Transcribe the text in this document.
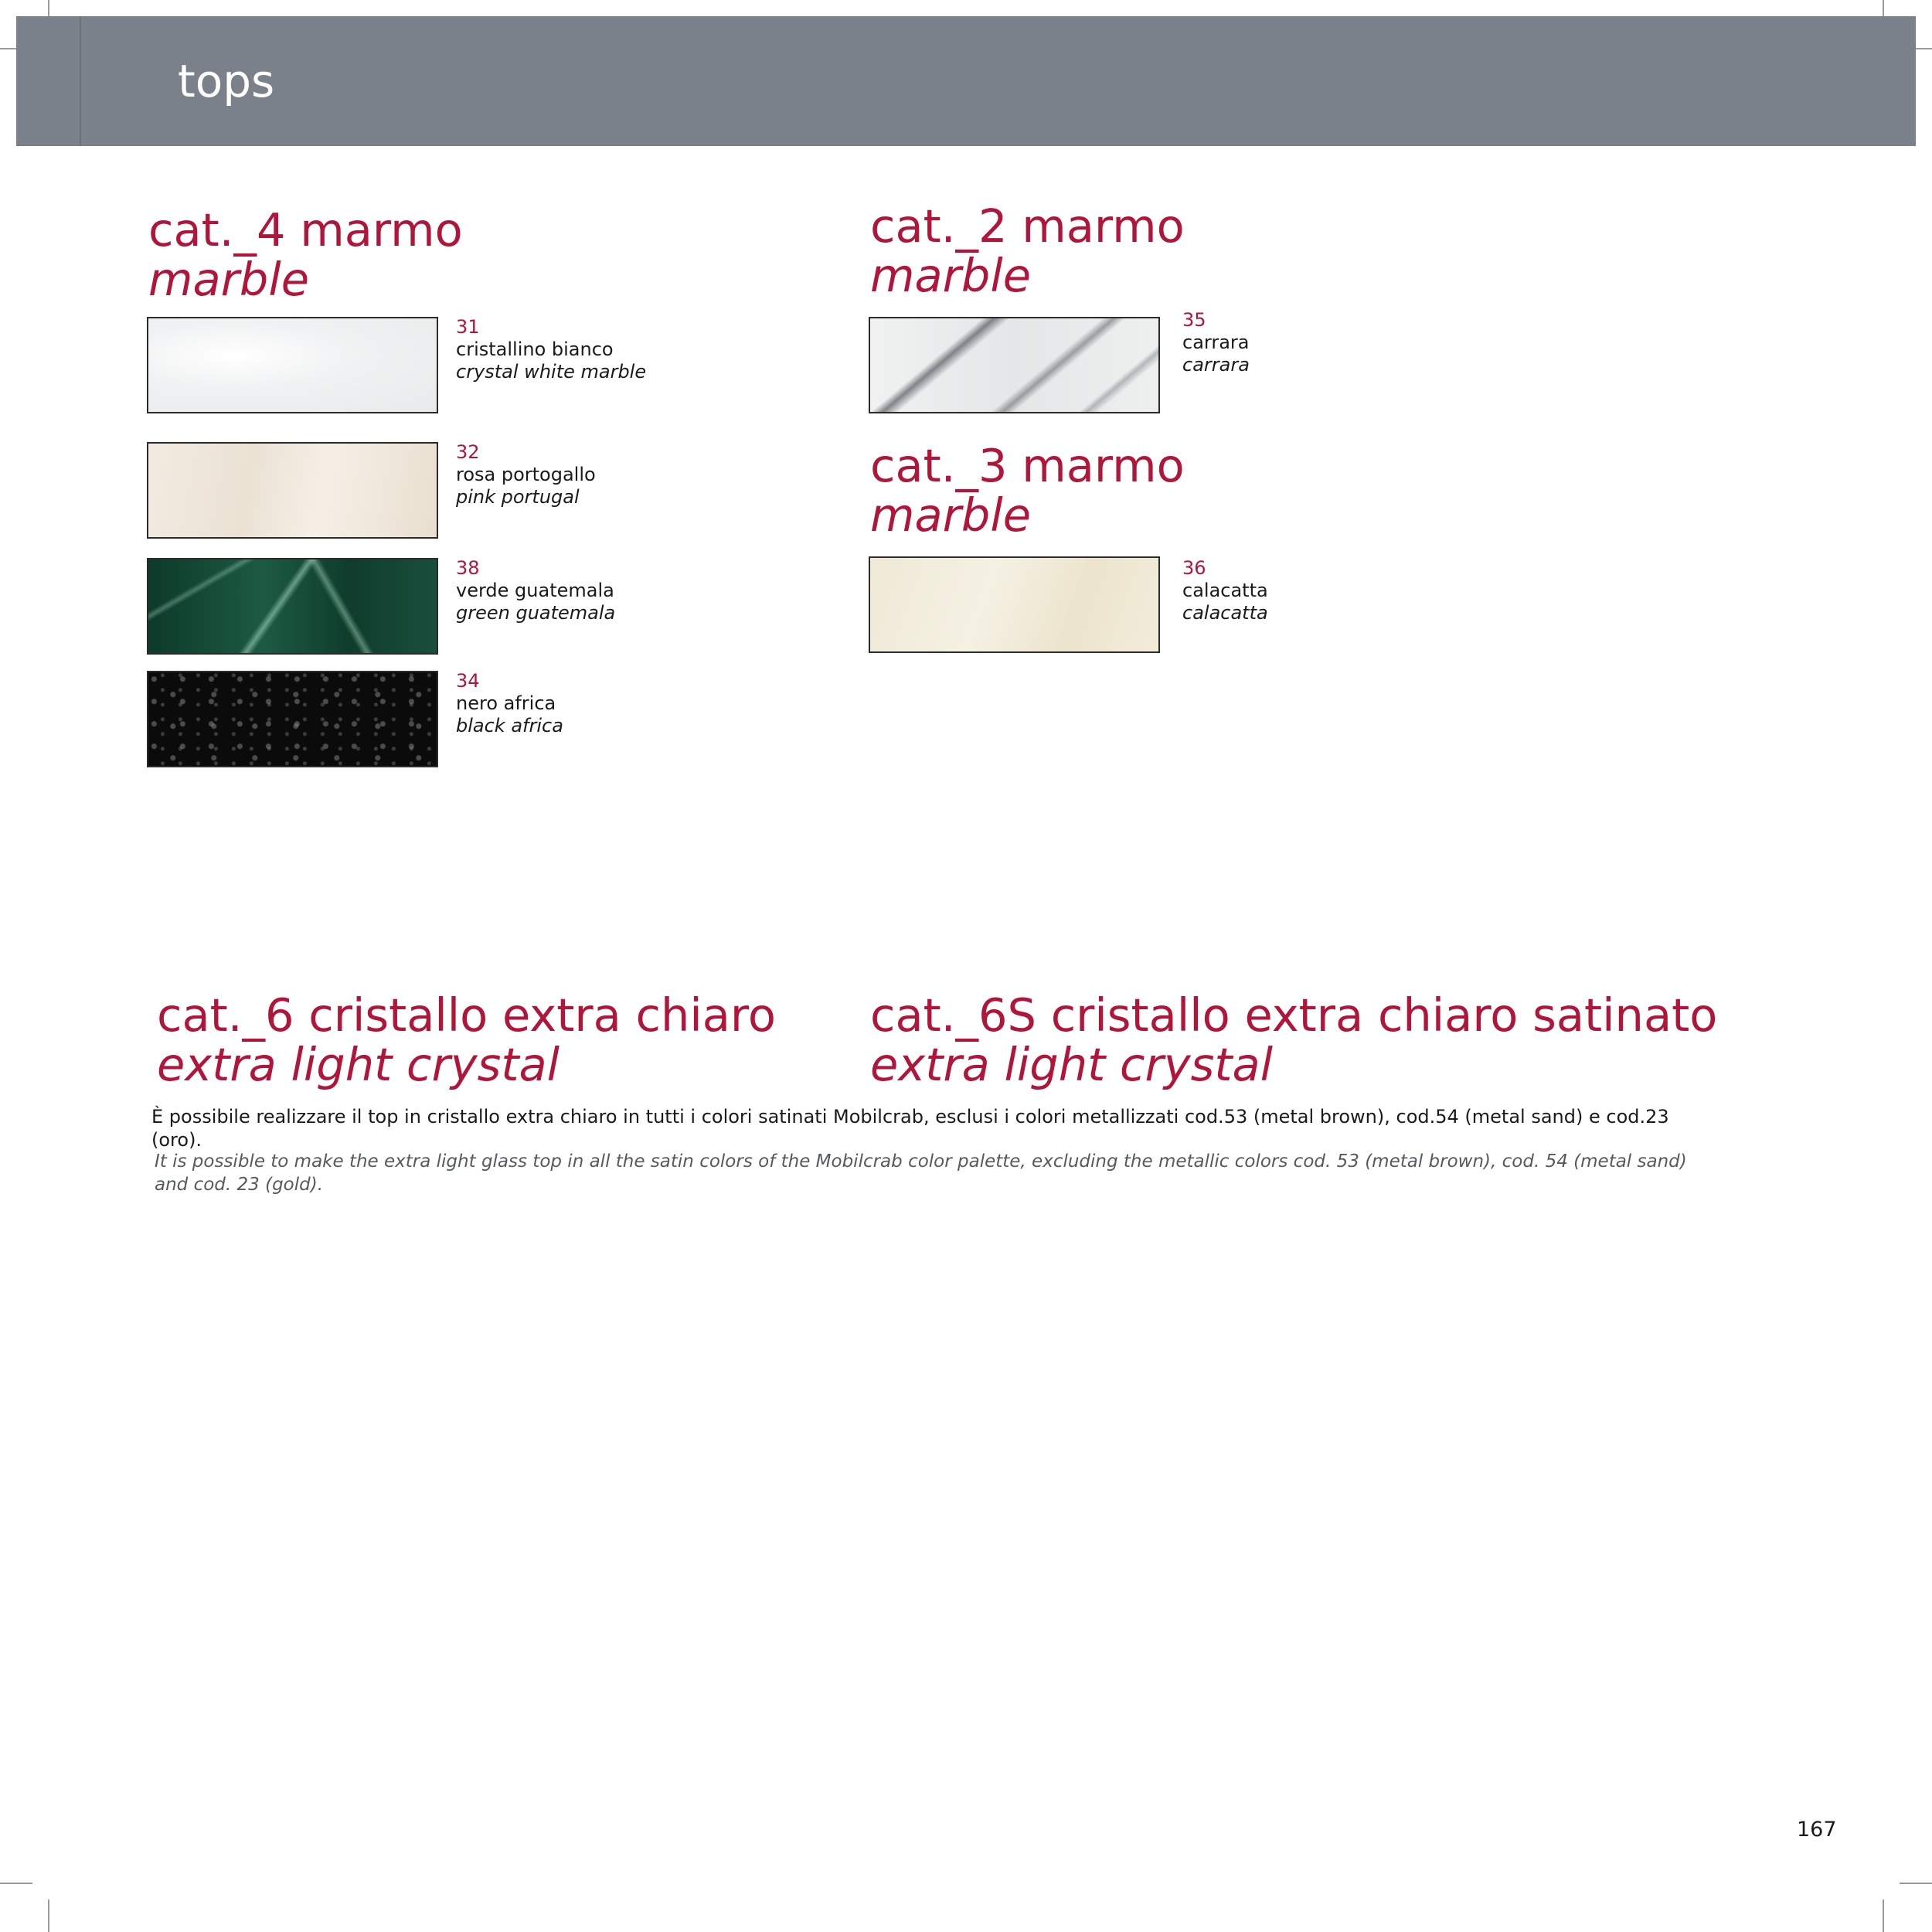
tops
cat._4 marmo
marble
31
cristallino bianco
crystal white marble
32
rosa portogallo
pink portugal
38
verde guatemala
green guatemala
34
nero africa
black africa
cat._2 marmo
marble
35
carrara
carrara
cat._3 marmo
marble
36
calacatta
calacatta
cat._6 cristallo extra chiaro
extra light crystal
cat._6S cristallo extra chiaro satinato
extra light crystal
È possibile realizzare il top in cristallo extra chiaro in tutti i colori satinati Mobilcrab, esclusi i colori metallizzati cod.53 (metal brown), cod.54 (metal sand) e cod.23 (oro).
It is possible to make the extra light glass top in all the satin colors of the Mobilcrab color palette, excluding the metallic colors cod. 53 (metal brown), cod. 54 (metal sand) and cod. 23 (gold).
167
